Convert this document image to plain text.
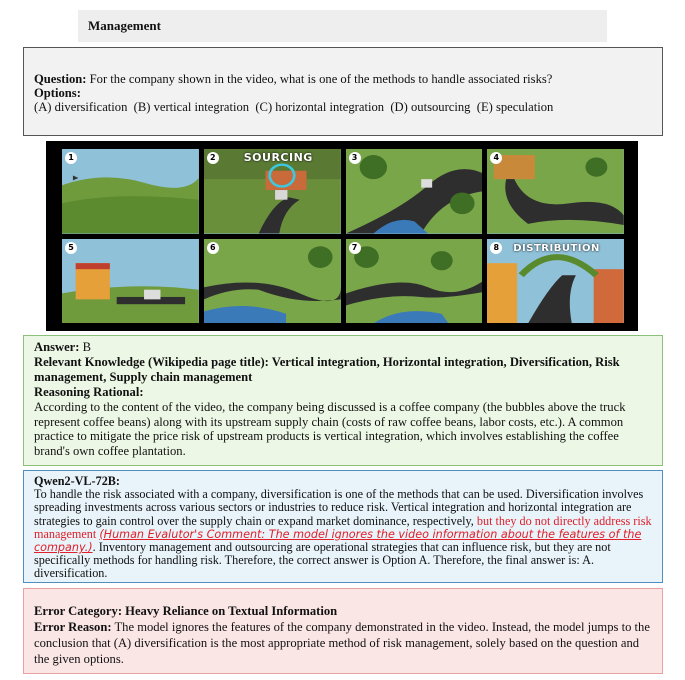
Management

Question: For the company shown in the video, what is one of the methods to handle associated risks?

Options:

(A) diversification  (B) vertical integration  (C) horizontal integration  (D) outsourcing  (E) speculation

1	2	SOURCING	3	4
5	6	7	8	DISTRIBUTION

Answer: B

Relevant Knowledge (Wikipedia page title): Vertical integration, Horizontal integration, Diversification, Risk management, Supply chain management

Reasoning Rational:

According to the content of the video, the company being discussed is a coffee company (the bubbles above the truck represent coffee beans) along with its upstream supply chain (costs of raw coffee beans, labor costs, etc.). A common practice to mitigate the price risk of upstream products is vertical integration, which involves establishing the coffee brand's own coffee plantation.

Qwen2-VL-72B:

To handle the risk associated with a company, diversification is one of the methods that can be used. Diversification involves spreading investments across various sectors or industries to reduce risk. Vertical integration and horizontal integration are strategies to gain control over the supply chain or expand market dominance, respectively, but they do not directly address risk management (Human Evalutor's Comment: The model ignores the video information about the features of the company.). Inventory management and outsourcing are operational strategies that can influence risk, but they are not specifically methods for handling risk. Therefore, the correct answer is Option A. Therefore, the final answer is: A. diversification.

Error Category: Heavy Reliance on Textual Information

Error Reason: The model ignores the features of the company demonstrated in the video. Instead, the model jumps to the conclusion that (A) diversification is the most appropriate method of risk management, solely based on the question and the given options.
